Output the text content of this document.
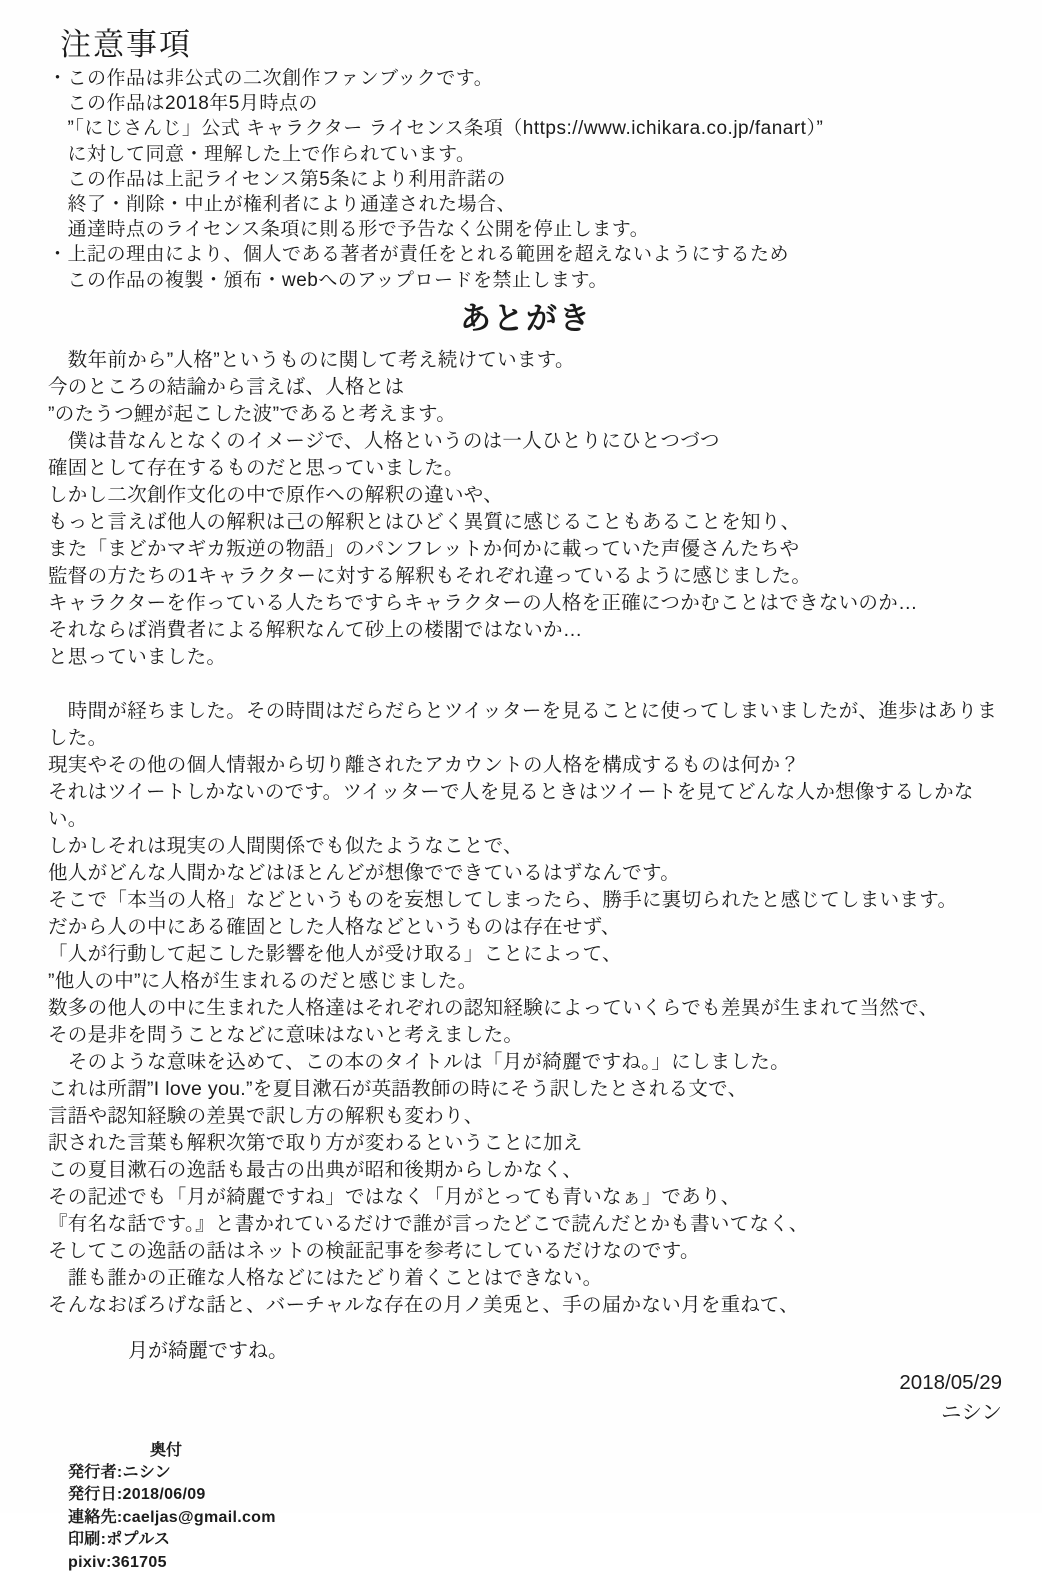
注意事項
・この作品は非公式の二次創作ファンブックです。
　この作品は2018年5月時点の
　”「にじさんじ」公式 キャラクター ライセンス条項（https://www.ichikara.co.jp/fanart）”
　に対して同意・理解した上で作られています。
　この作品は上記ライセンス第5条により利用許諾の
　終了・削除・中止が権利者により通達された場合、
　通達時点のライセンス条項に則る形で予告なく公開を停止します。
・上記の理由により、個人である著者が責任をとれる範囲を超えないようにするため
　この作品の複製・頒布・webへのアップロードを禁止します。
あとがき
　数年前から”人格”というものに関して考え続けています。
今のところの結論から言えば、人格とは
”のたうつ鯉が起こした波”であると考えます。
　僕は昔なんとなくのイメージで、人格というのは一人ひとりにひとつづつ
確固として存在するものだと思っていました。
しかし二次創作文化の中で原作への解釈の違いや、
もっと言えば他人の解釈は己の解釈とはひどく異質に感じることもあることを知り、
また「まどかマギカ叛逆の物語」のパンフレットか何かに載っていた声優さんたちや
監督の方たちの1キャラクターに対する解釈もそれぞれ違っているように感じました。
キャラクターを作っている人たちですらキャラクターの人格を正確につかむことはできないのか…
それならば消費者による解釈なんて砂上の楼閣ではないか…
と思っていました。
　時間が経ちました。その時間はだらだらとツイッターを見ることに使ってしまいましたが、進歩はありました。
現実やその他の個人情報から切り離されたアカウントの人格を構成するものは何か？
それはツイートしかないのです。ツイッターで人を見るときはツイートを見てどんな人か想像するしかない。
しかしそれは現実の人間関係でも似たようなことで、
他人がどんな人間かなどはほとんどが想像でできているはずなんです。
そこで「本当の人格」などというものを妄想してしまったら、勝手に裏切られたと感じてしまいます。
だから人の中にある確固とした人格などというものは存在せず、
「人が行動して起こした影響を他人が受け取る」ことによって、
”他人の中”に人格が生まれるのだと感じました。
数多の他人の中に生まれた人格達はそれぞれの認知経験によっていくらでも差異が生まれて当然で、
その是非を問うことなどに意味はないと考えました。
　そのような意味を込めて、この本のタイトルは「月が綺麗ですね。」にしました。
これは所謂”I love you.”を夏目漱石が英語教師の時にそう訳したとされる文で、
言語や認知経験の差異で訳し方の解釈も変わり、
訳された言葉も解釈次第で取り方が変わるということに加え
この夏目漱石の逸話も最古の出典が昭和後期からしかなく、
その記述でも「月が綺麗ですね」ではなく「月がとっても青いなぁ」であり、
『有名な話です。』と書かれているだけで誰が言ったどこで読んだとかも書いてなく、
そしてこの逸話の話はネットの検証記事を参考にしているだけなのです。
　誰も誰かの正確な人格などにはたどり着くことはできない。
そんなおぼろげな話と、バーチャルな存在の月ノ美兎と、手の届かない月を重ねて、
　　　　月が綺麗ですね。
2018/05/29
ニシン
奥付
発行者:ニシン
発行日:2018/06/09
連絡先:caeljas@gmail.com
印刷:ポプルス
pixiv:361705
